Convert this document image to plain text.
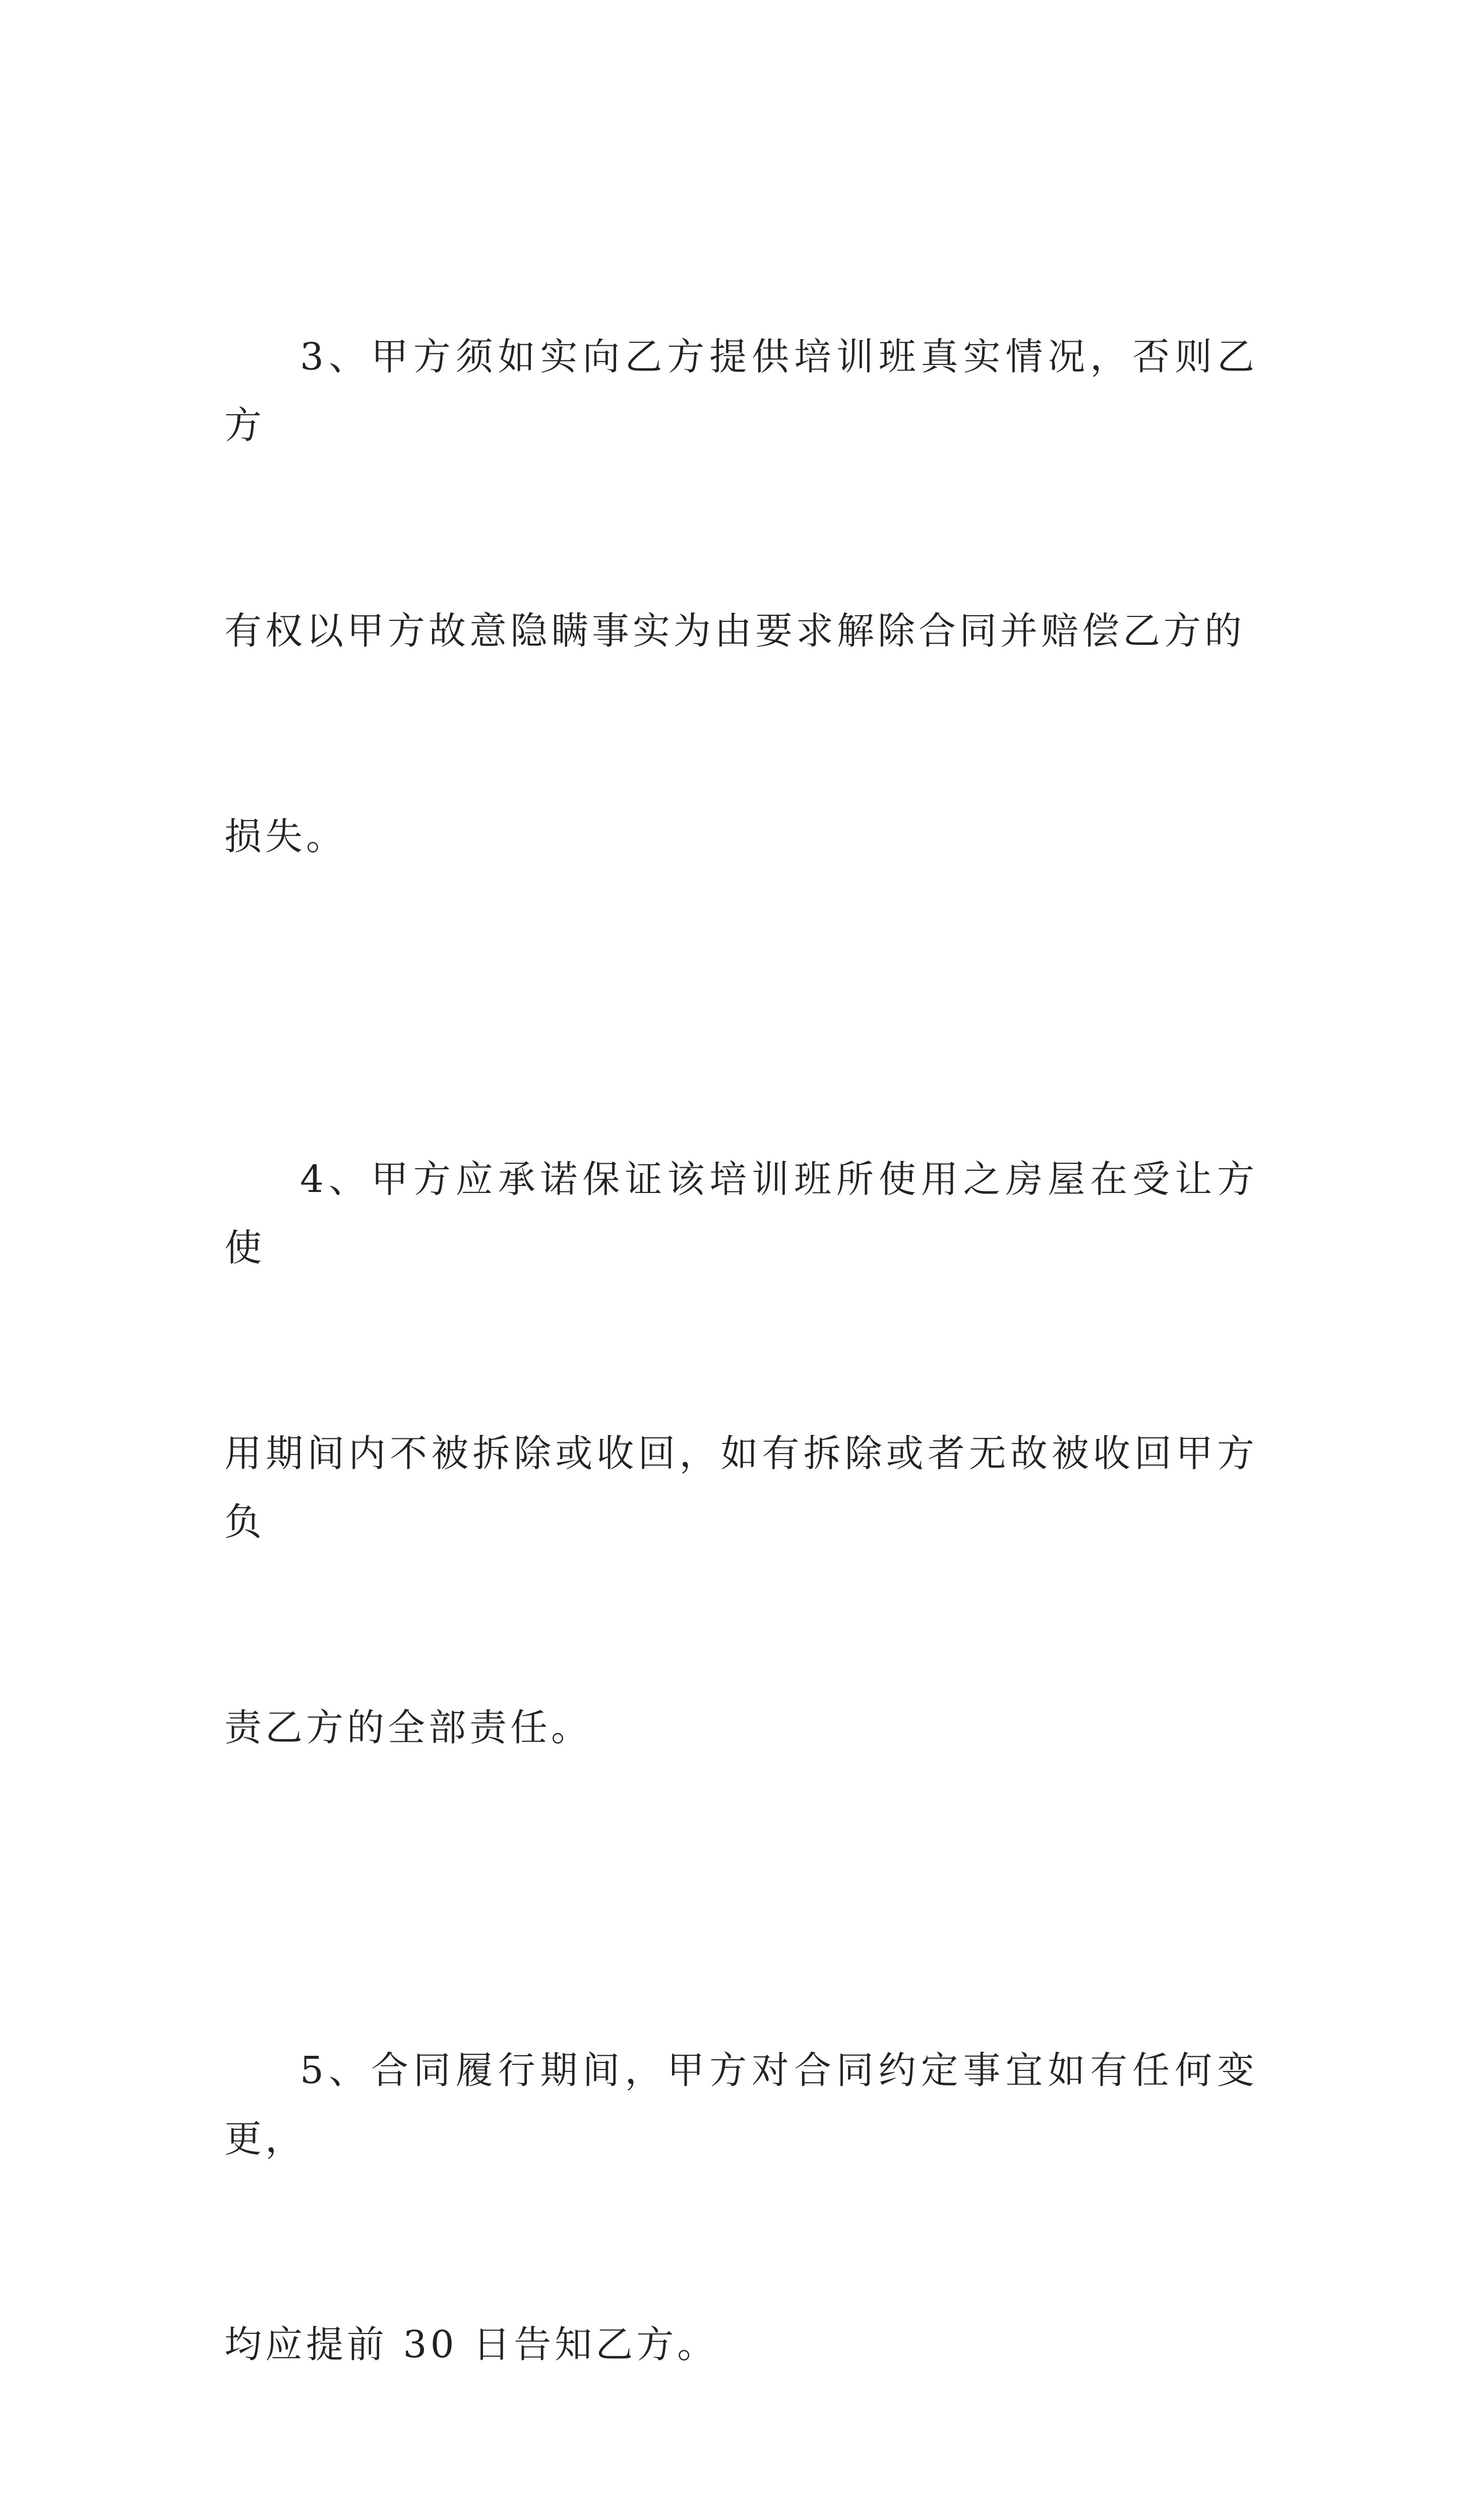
3、甲方须如实向乙方提供培训班真实情况，否则乙方

有权以甲方故意隐瞒事实为由要求解除合同并赔偿乙方的

损失。

4、甲方应承诺保证该培训班所使用之房屋在受让方使

用期间内不被拆除或收回，如有拆除或者无故被收回甲方负

责乙方的全部责任。

5、合同履行期间，甲方对合同约定事宜如有任何变更，

均应提前 30 日告知乙方。
